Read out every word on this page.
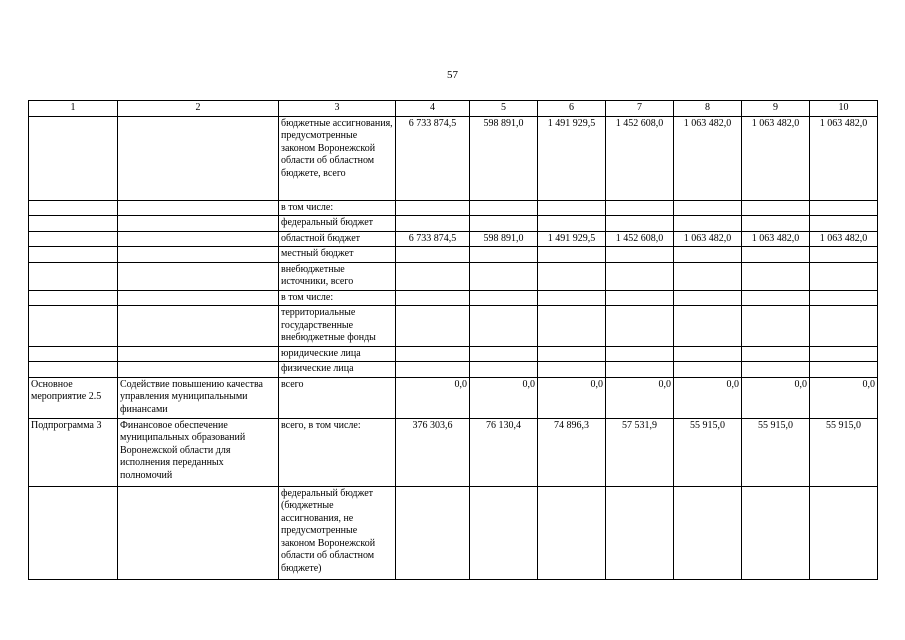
57
1	2	3	4	5	6	7	8	9	10
		бюджетные ассигнования, предусмотренные законом Воронежской области об областном бюджете, всего	6 733 874,5	598 891,0	1 491 929,5	1 452 608,0	1 063 482,0	1 063 482,0	1 063 482,0
		в том числе:							
		федеральный бюджет							
		областной бюджет	6 733 874,5	598 891,0	1 491 929,5	1 452 608,0	1 063 482,0	1 063 482,0	1 063 482,0
		местный бюджет							
		внебюджетные источники, всего							
		в том числе:							
		территориальные государственные внебюджетные фонды							
		юридические лица							
		физические лица							
Основное мероприятие 2.5	Содействие повышению качества управления муниципальными финансами	всего	0,0	0,0	0,0	0,0	0,0	0,0	0,0
Подпрограмма 3	Финансовое обеспечение муниципальных образований Воронежской области для исполнения переданных полномочий	всего, в том числе:	376 303,6	76 130,4	74 896,3	57 531,9	55 915,0	55 915,0	55 915,0
		федеральный бюджет (бюджетные ассигнования, не предусмотренные законом Воронежской области об областном бюджете)							
